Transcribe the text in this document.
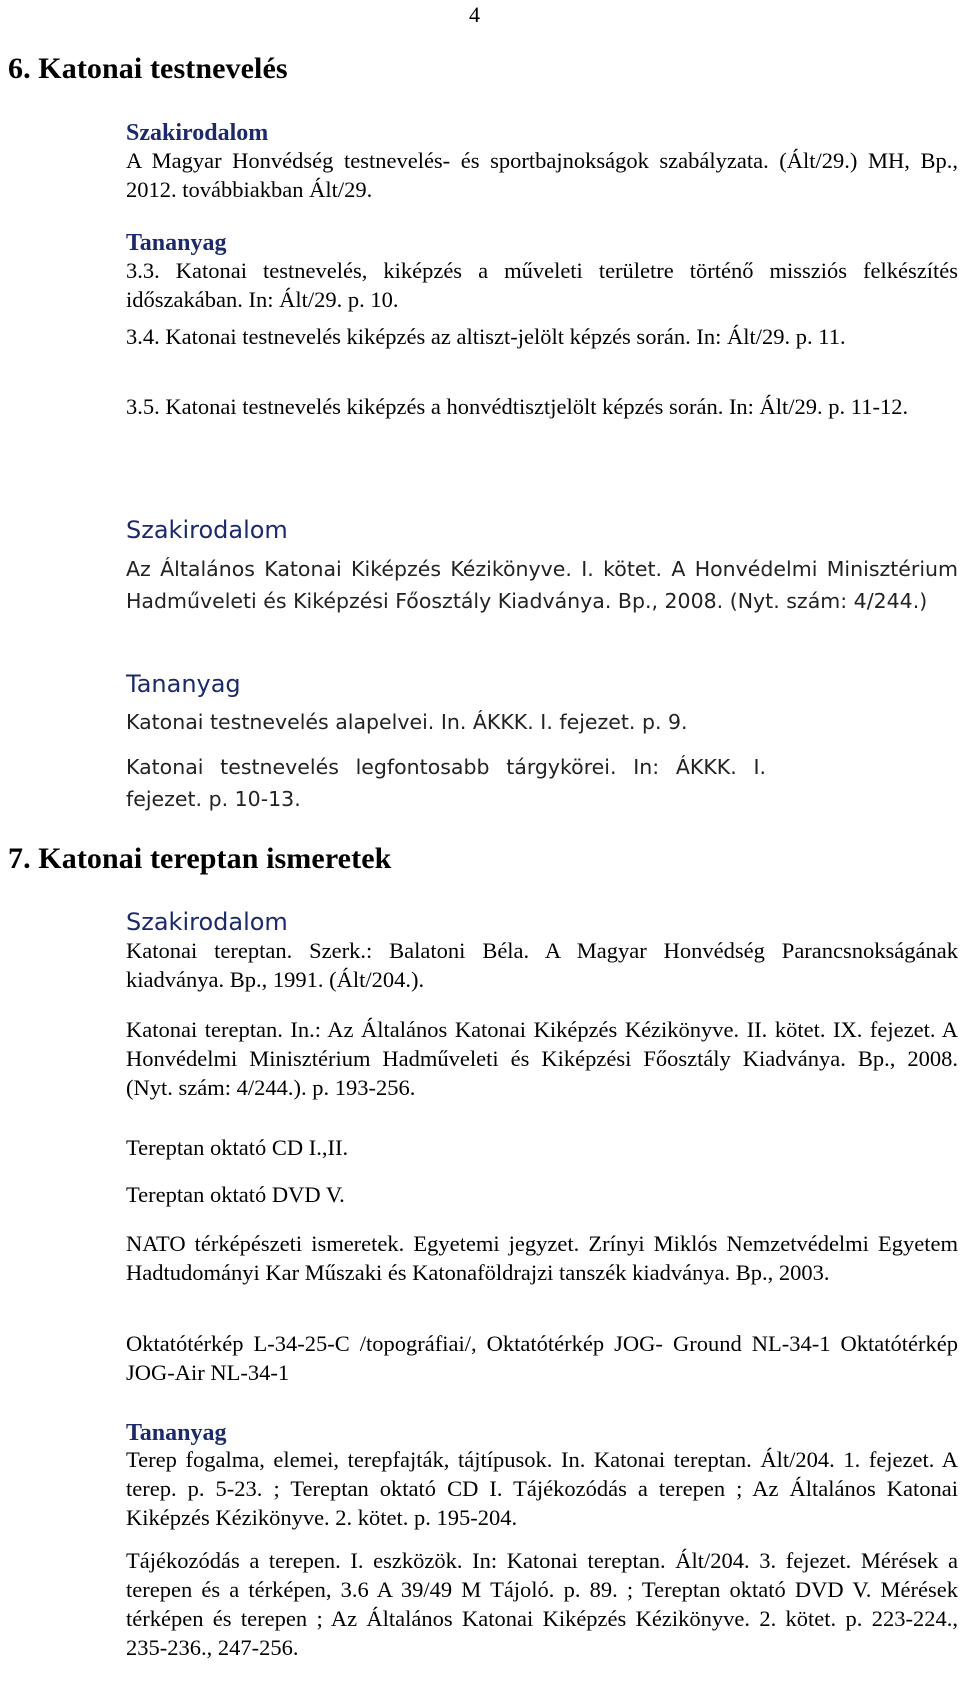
4
6. Katonai testnevelés
Szakirodalom
A Magyar Honvédség testnevelés- és sportbajnokságok szabályzata. (Ált/29.) MH, Bp., 2012. továbbiakban Ált/29.
Tananyag
3.3. Katonai testnevelés, kiképzés a műveleti területre történő missziós felkészítés időszakában. In: Ált/29. p. 10.
3.4. Katonai testnevelés kiképzés az altiszt-jelölt képzés során. In: Ált/29. p. 11.
3.5. Katonai testnevelés kiképzés a honvédtisztjelölt képzés során. In: Ált/29. p. 11-12.
Szakirodalom
Az Általános Katonai Kiképzés Kézikönyve. I. kötet. A Honvédelmi Minisztérium Hadműveleti és Kiképzési Főosztály Kiadványa. Bp., 2008. (Nyt. szám: 4/244.)
Tananyag
Katonai testnevelés alapelvei. In. ÁKKK. I. fejezet. p. 9.
Katonai testnevelés legfontosabb tárgykörei. In: ÁKKK. I. fejezet. p. 10-13.
7. Katonai tereptan ismeretek
Szakirodalom
Katonai tereptan. Szerk.: Balatoni Béla. A Magyar Honvédség Parancsnokságának kiadványa. Bp., 1991. (Ált/204.).
Katonai tereptan. In.: Az Általános Katonai Kiképzés Kézikönyve. II. kötet. IX. fejezet. A Honvédelmi Minisztérium Hadműveleti és Kiképzési Főosztály Kiadványa. Bp., 2008. (Nyt. szám: 4/244.). p. 193-256.
Tereptan oktató CD I.,II.
Tereptan oktató DVD V.
NATO térképészeti ismeretek. Egyetemi jegyzet. Zrínyi Miklós Nemzetvédelmi Egyetem Hadtudományi Kar Műszaki és Katonaföldrajzi tanszék kiadványa. Bp., 2003.
Oktatótérkép L-34-25-C /topográfiai/, Oktatótérkép JOG- Ground NL-34-1 Oktatótérkép JOG-Air NL-34-1
Tananyag
Terep fogalma, elemei, terepfajták, tájtípusok. In. Katonai tereptan. Ált/204. 1. fejezet. A terep. p. 5-23. ; Tereptan oktató CD I. Tájékozódás a terepen ; Az Általános Katonai Kiképzés Kézikönyve. 2. kötet. p. 195-204.
Tájékozódás a terepen. I. eszközök. In: Katonai tereptan. Ált/204. 3. fejezet. Mérések a terepen és a térképen, 3.6 A 39/49 M Tájoló. p. 89. ; Tereptan oktató DVD V. Mérések térképen és terepen ; Az Általános Katonai Kiképzés Kézikönyve. 2. kötet. p. 223-224., 235-236., 247-256.
